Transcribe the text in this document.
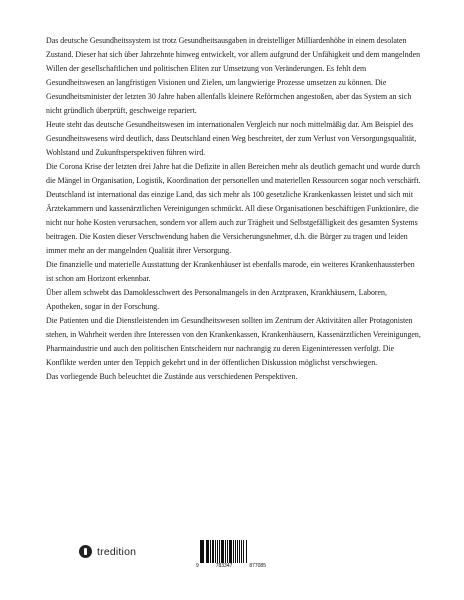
Das deutsche Gesundheitssystem ist trotz Gesundheitsausgaben in dreistelliger Milliardenhöhe in einem desolaten Zustand. Dieser hat sich über Jahrzehnte hinweg entwickelt, vor allem aufgrund der Unfähigkeit und dem mangelnden Willen der gesellschaftlichen und politischen Eliten zur Umsetzung von Veränderungen. Es fehlt dem Gesundheitswesen an langfristigen Visionen und Zielen, um langwierige Prozesse umsetzen zu können. Die Gesundheitsminister der letzten 30 Jahre haben allenfalls kleinere Reförmchen angestoßen, aber das System an sich nicht gründlich überprüft, geschweige repariert.

Heute steht das deutsche Gesundheitswesen im internationalen Vergleich nur noch mittelmäßig dar. Am Beispiel des Gesundheitswesens wird deutlich, dass Deutschland einen Weg beschreitet, der zum Verlust von Versorgungsqualität, Wohlstand und Zukunftsperspektiven führen wird.

Die Corona Krise der letzten drei Jahre hat die Defizite in allen Bereichen mehr als deutlich gemacht und wurde durch die Mängel in Organisation, Logistik, Koordination der personellen und materiellen Ressourcen sogar noch verschärft.

Deutschland ist international das einzige Land, das sich mehr als 100 gesetzliche Krankenkassen leistet und sich mit Ärztekammern und kassenärztlichen Vereinigungen schmückt. All diese Organisationen beschäftigen Funktionäre, die nicht nur hohe Kosten verursachen, sondern vor allem auch zur Trägheit und Selbstgefälligkeit des gesamten Systems beitragen. Die Kosten dieser Verschwendung haben die Versicherungsnehmer, d.h. die Bürger zu tragen und leiden immer mehr an der mangelnden Qualität ihrer Versorgung.

Die finanzielle und materielle Ausstattung der Krankenhäuser ist ebenfalls marode, ein weiteres Krankenhaussterben ist schon am Horizont erkennbar.

Über allem schwebt das Damoklesschwert des Personalmangels in den Arztpraxen, Krankhäusern, Laboren, Apotheken, sogar in der Forschung.

Die Patienten und die Dienstleistenden im Gesundheitswesen sollten im Zentrum der Aktivitäten aller Protagonisten stehen, in Wahrheit werden ihre Interessen von den Krankenkassen, Krankenhäusern, Kassenärztlichen Vereinigungen, Pharmaindustrie und auch den politischen Entscheidern nur nachrangig zu deren Eigeninteressen verfolgt. Die Konflikte werden unter den Teppich gekehrt und in der öffentlichen Diskussion möglichst verschwiegen.

Das vorliegende Buch beleuchtet die Zustände aus verschiedenen Perspektiven.

tredition
9	783347	877085
